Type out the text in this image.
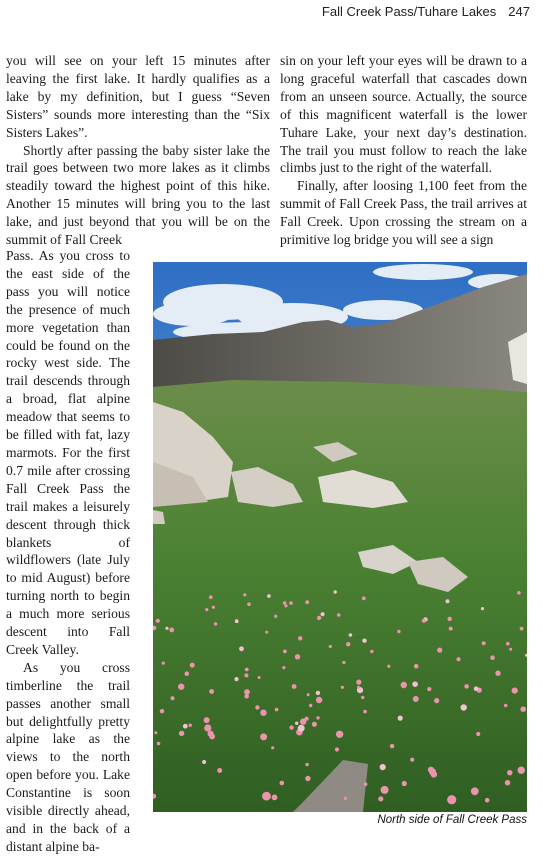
Fall Creek Pass/Tuhare Lakes 247

you will see on your left 15 minutes after leaving the first lake. It hardly qualifies as a lake by my definition, but I guess “Seven Sisters” sounds more interesting than the “Six Sisters Lakes”.

Shortly after passing the baby sister lake the trail goes between two more lakes as it climbs steadily toward the highest point of this hike. Another 15 minutes will bring you to the last lake, and just beyond that you will be on the summit of Fall Creek

sin on your left your eyes will be drawn to a long graceful waterfall that cascades down from an unseen source. Actually, the source of this magnificent waterfall is the lower Tuhare Lake, your next day’s destination. The trail you must follow to reach the lake climbs just to the right of the waterfall.

Finally, after loosing 1,100 feet from the summit of Fall Creek Pass, the trail arrives at Fall Creek. Upon crossing the stream on a primitive log bridge you will see a sign

Pass. As you cross to the east side of the pass you will notice the presence of much more vegetation than could be found on the rocky west side. The trail descends through a broad, flat alpine meadow that seems to be filled with fat, lazy marmots. For the first 0.7 mile after crossing Fall Creek Pass the trail makes a leisurely descent through thick blankets of wildflowers (late July to mid August) before turning north to begin a much more serious descent into Fall Creek Valley.

As you cross timberline the trail passes another small but delightfully pretty alpine lake as the views to the north open before you. Lake Constantine is soon visible directly ahead, and in the back of a distant alpine ba-

North side of Fall Creek Pass
